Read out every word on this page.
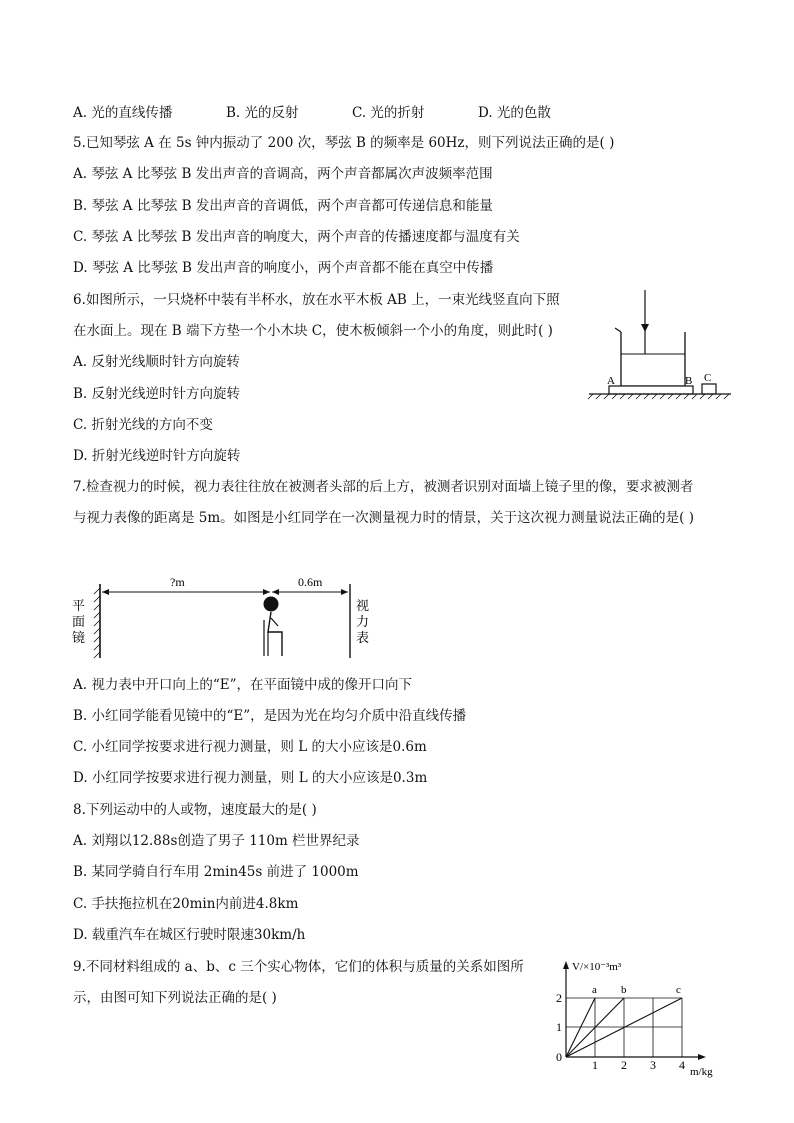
A. 光的直线传播	B. 光的反射	C. 光的折射	D. 光的色散
5.已知琴弦 A 在 5s 钟内振动了 200 次，琴弦 B 的频率是 60Hz，则下列说法正确的是( )
A. 琴弦 A 比琴弦 B 发出声音的音调高，两个声音都属次声波频率范围
B. 琴弦 A 比琴弦 B 发出声音的音调低，两个声音都可传递信息和能量
C. 琴弦 A 比琴弦 B 发出声音的响度大，两个声音的传播速度都与温度有关
D. 琴弦 A 比琴弦 B 发出声音的响度小，两个声音都不能在真空中传播
6.如图所示，一只烧杯中装有半杯水，放在水平木板 AB 上，一束光线竖直向下照
在水面上。现在 B 端下方垫一个小木块 C，使木板倾斜一个小的角度，则此时( )
A. 反射光线顺时针方向旋转
B. 反射光线逆时针方向旋转
C. 折射光线的方向不变
D. 折射光线逆时针方向旋转
A	B C
7.检查视力的时候，视力表往往放在被测者头部的后上方，被测者识别对面墙上镜子里的像，要求被测者
与视力表像的距离是 5m。如图是小红同学在一次测量视力时的情景，关于这次视力测量说法正确的是( )
平
面
镜
?m	0.6m
视
力
表
A. 视力表中开口向上的“E”，在平面镜中成的像开口向下
B. 小红同学能看见镜中的“E”，是因为光在均匀介质中沿直线传播
C. 小红同学按要求进行视力测量，则 L 的大小应该是0.6m
D. 小红同学按要求进行视力测量，则 L 的大小应该是0.3m
8.下列运动中的人或物，速度最大的是( )
A. 刘翔以12.88s创造了男子 110m 栏世界纪录
B. 某同学骑自行车用 2min45s 前进了 1000m
C. 手扶拖拉机在20min内前进4.8km
D. 载重汽车在城区行驶时限速30km/h
9.不同材料组成的 a、b、c 三个实心物体，它们的体积与质量的关系如图所
示，由图可知下列说法正确的是( )	a b	c
1 2 3 4
0
1
2
V/×10⁻³m³
m/kg
